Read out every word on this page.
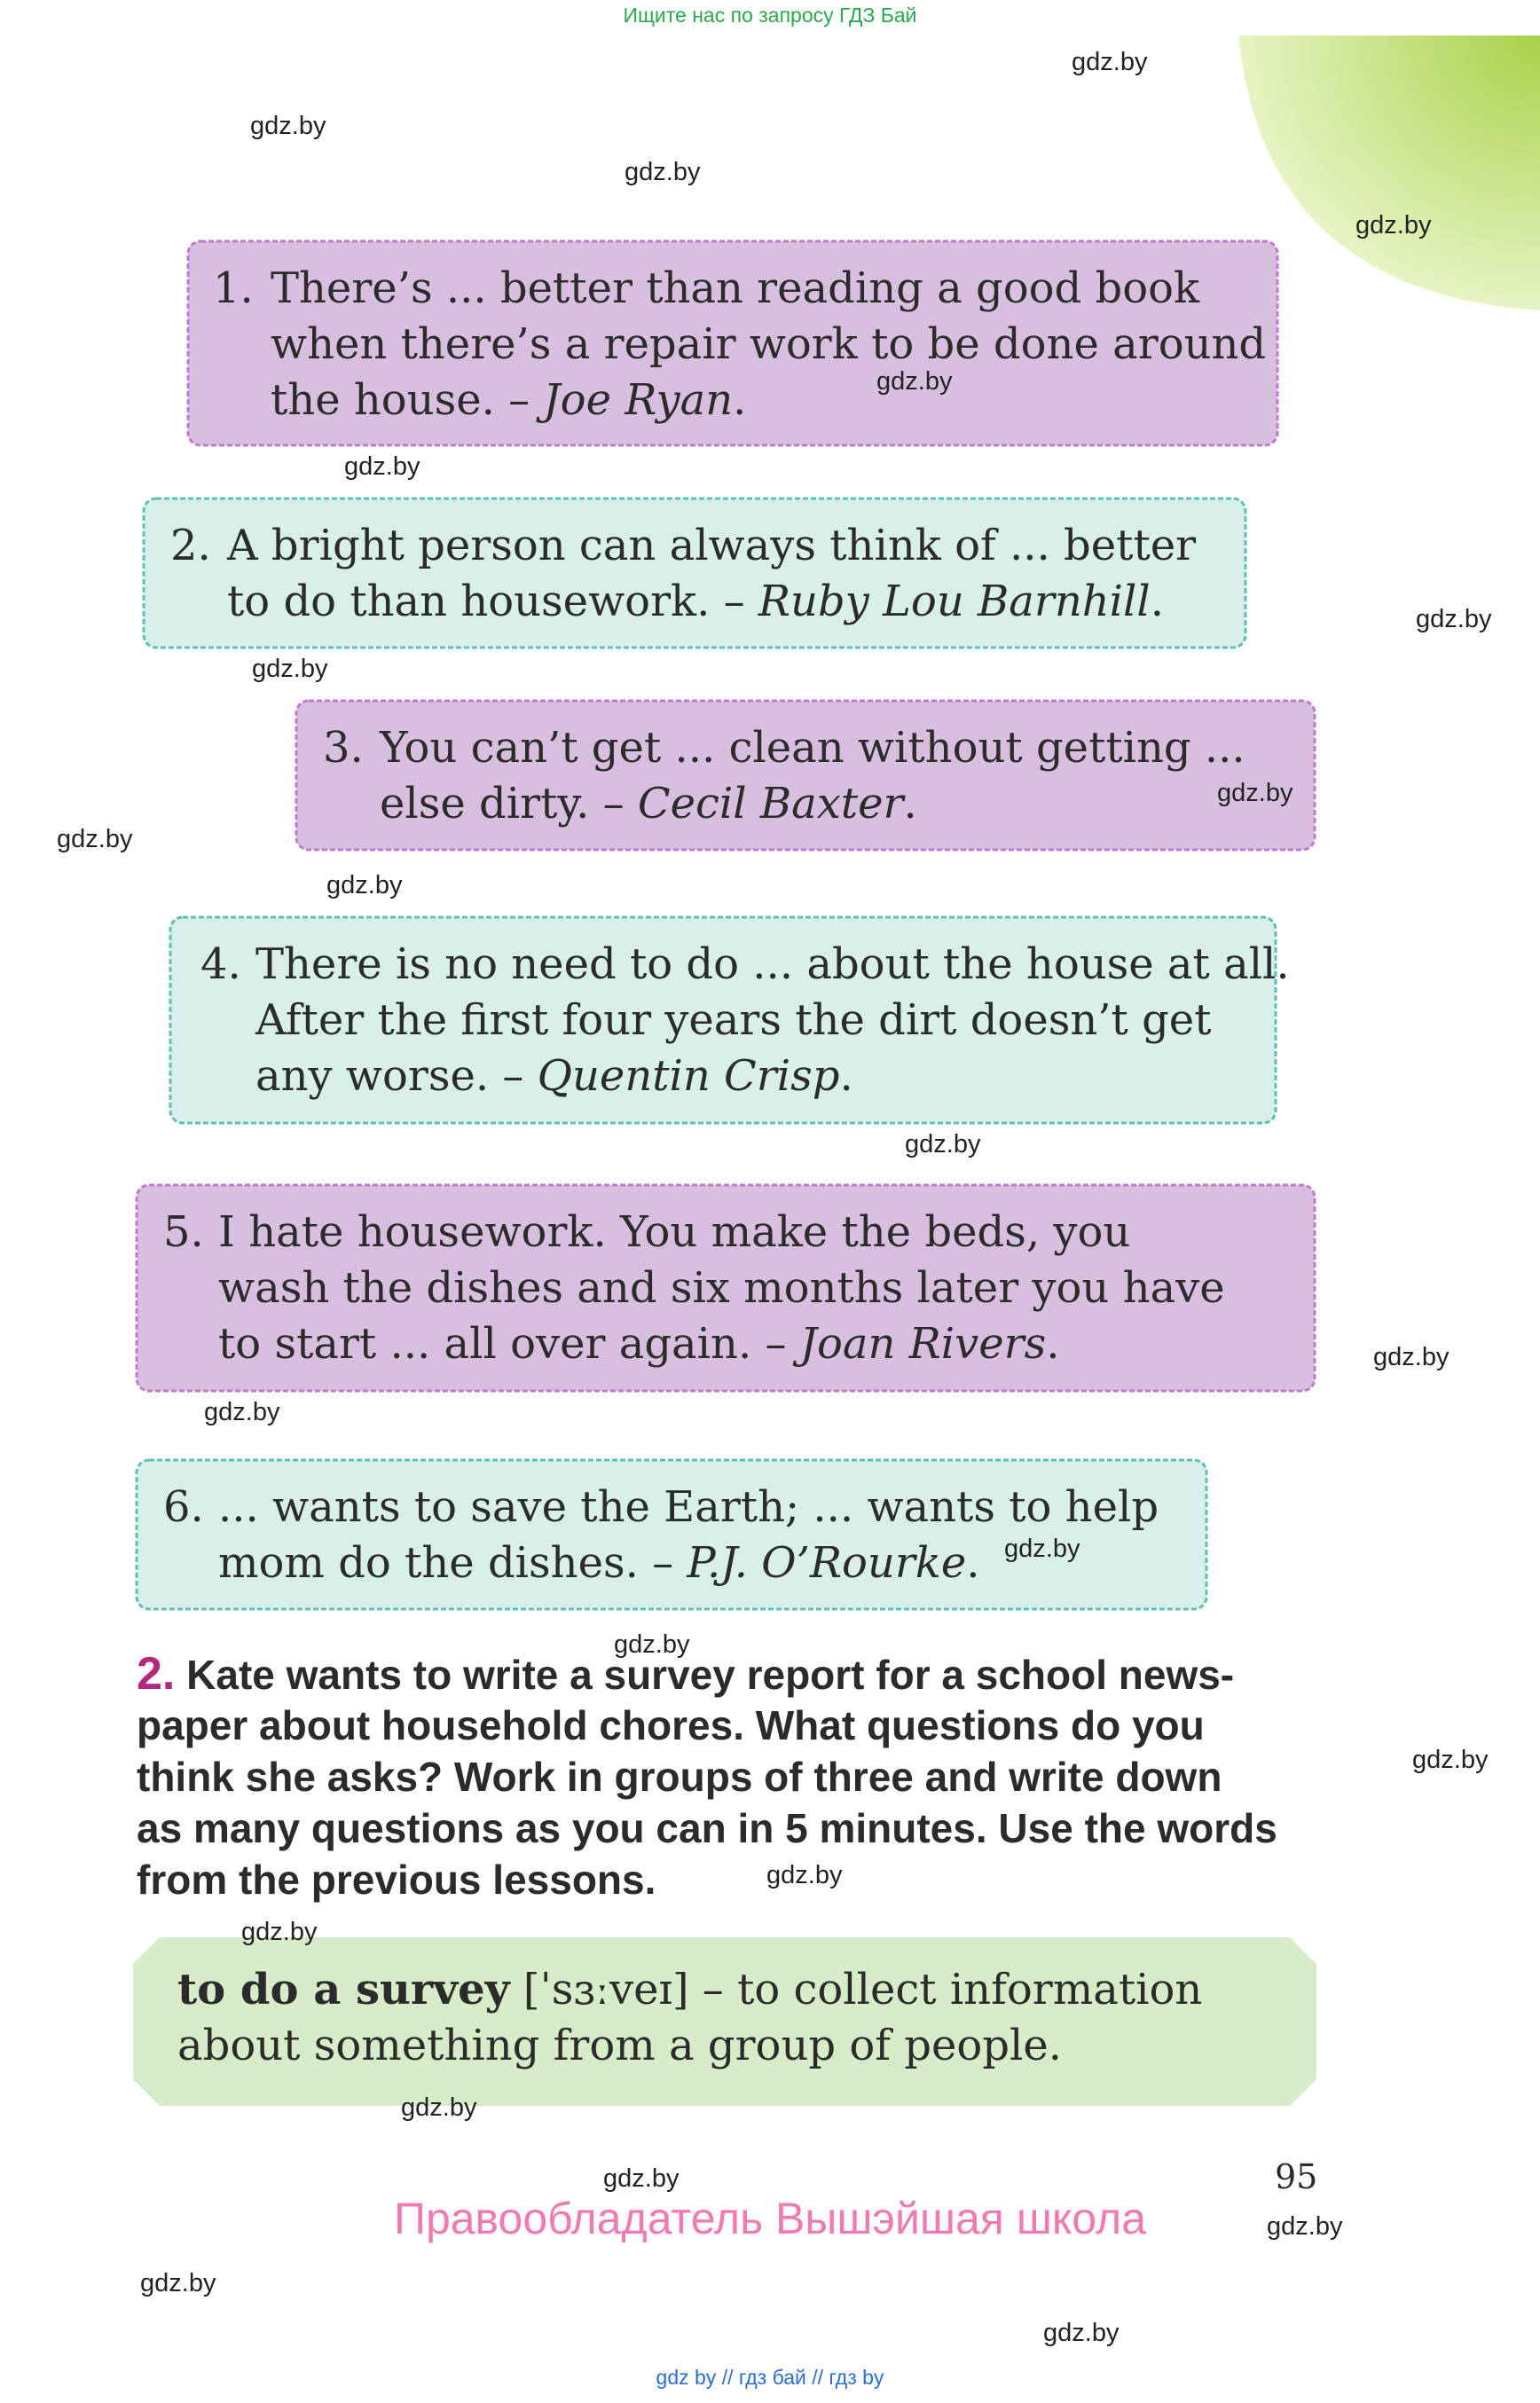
Ищите нас по запросу ГДЗ Бай
1. There’s ... better than reading a good book
when there’s a repair work to be done around
the house. – Joe Ryan.
2. A bright person can always think of ... better
to do than housework. – Ruby Lou Barnhill.
3. You can’t get ... clean without getting ...
else dirty. – Cecil Baxter.
4. There is no need to do ... about the house at all.
After the first four years the dirt doesn’t get
any worse. – Quentin Crisp.
5. I hate housework. You make the beds, you
wash the dishes and six months later you have
to start ... all over again. – Joan Rivers.
6. ... wants to save the Earth; ... wants to help
mom do the dishes. – P.J. O’Rourke.
2. Kate wants to write a survey report for a school news-
paper about household chores. What questions do you
think she asks? Work in groups of three and write down
as many questions as you can in 5 minutes. Use the words
from the previous lessons.
to do a survey [ˈsɜːveɪ] – to collect information
about something from a group of people.
95
Правообладатель Вышэйшая школа
gdz by // гдз бай // гдз by
gdz.by
gdz.by
gdz.by
gdz.by
gdz.by
gdz.by
gdz.by
gdz.by
gdz.by
gdz.by
gdz.by
gdz.by
gdz.by
gdz.by
gdz.by
gdz.by
gdz.by
gdz.by
gdz.by
gdz.by
gdz.by
gdz.by
gdz.by
gdz.by
